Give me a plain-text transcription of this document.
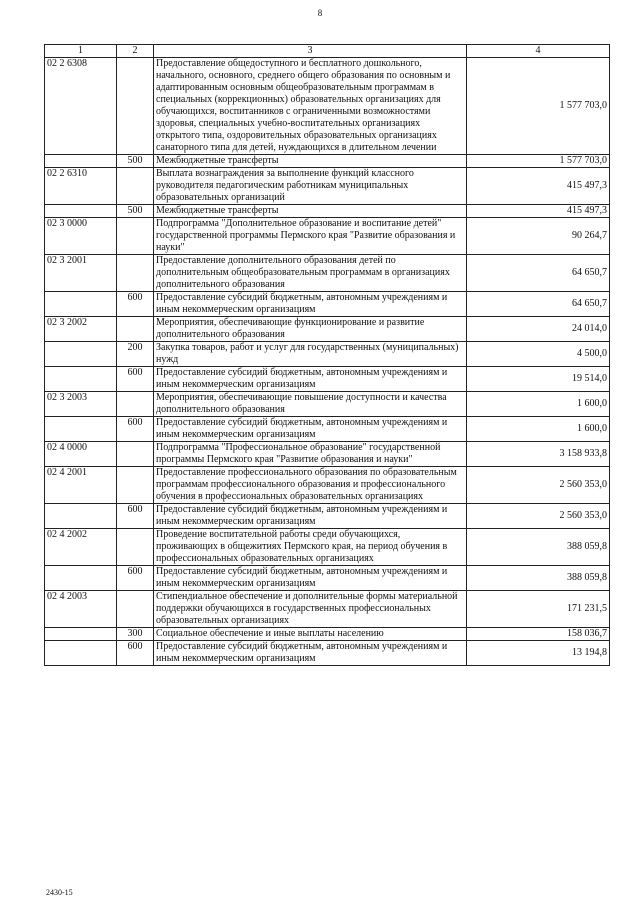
8
1	2	3	4
02 2 6308		Предоставление общедоступного и бесплатного дошкольного, начального, основного, среднего общего образования по основным и адаптированным основным общеобразовательным программам в специальных (коррекционных) образовательных организациях для обучающихся, воспитанников с ограниченными возможностями здоровья, специальных учебно-воспитательных организациях открытого типа, оздоровительных образовательных организациях санаторного типа для детей, нуждающихся в длительном лечении	1 577 703,0
	500	Межбюджетные трансферты	1 577 703,0
02 2 6310		Выплата вознаграждения за выполнение функций классного руководителя педагогическим работникам муниципальных образовательных организаций	415 497,3
	500	Межбюджетные трансферты	415 497,3
02 3 0000		Подпрограмма "Дополнительное образование и воспитание детей" государственной программы Пермского края "Развитие образования и науки"	90 264,7
02 3 2001		Предоставление дополнительного образования детей по дополнительным общеобразовательным программам в организациях дополнительного образования	64 650,7
	600	Предоставление субсидий бюджетным, автономным учреждениям и иным некоммерческим организациям	64 650,7
02 3 2002		Мероприятия, обеспечивающие функционирование и развитие дополнительного образования	24 014,0
	200	Закупка товаров, работ и услуг для государственных (муниципальных) нужд	4 500,0
	600	Предоставление субсидий бюджетным, автономным учреждениям и иным некоммерческим организациям	19 514,0
02 3 2003		Мероприятия, обеспечивающие повышение доступности и качества дополнительного образования	1 600,0
	600	Предоставление субсидий бюджетным, автономным учреждениям и иным некоммерческим организациям	1 600,0
02 4 0000		Подпрограмма "Профессиональное образование" государственной программы Пермского края "Развитие образования и науки"	3 158 933,8
02 4 2001		Предоставление профессионального образования по образовательным программам профессионального образования и профессионального обучения в профессиональных образовательных организациях	2 560 353,0
	600	Предоставление субсидий бюджетным, автономным учреждениям и иным некоммерческим организациям	2 560 353,0
02 4 2002		Проведение воспитательной работы среди обучающихся, проживающих в общежитиях Пермского края, на период обучения в профессиональных образовательных организациях	388 059,8
	600	Предоставление субсидий бюджетным, автономным учреждениям и иным некоммерческим организациям	388 059,8
02 4 2003		Стипендиальное обеспечение и дополнительные формы материальной поддержки обучающихся в государственных профессиональных образовательных организациях	171 231,5
	300	Социальное обеспечение и иные выплаты населению	158 036,7
	600	Предоставление субсидий бюджетным, автономным учреждениям и иным некоммерческим организациям	13 194,8
2430-15
